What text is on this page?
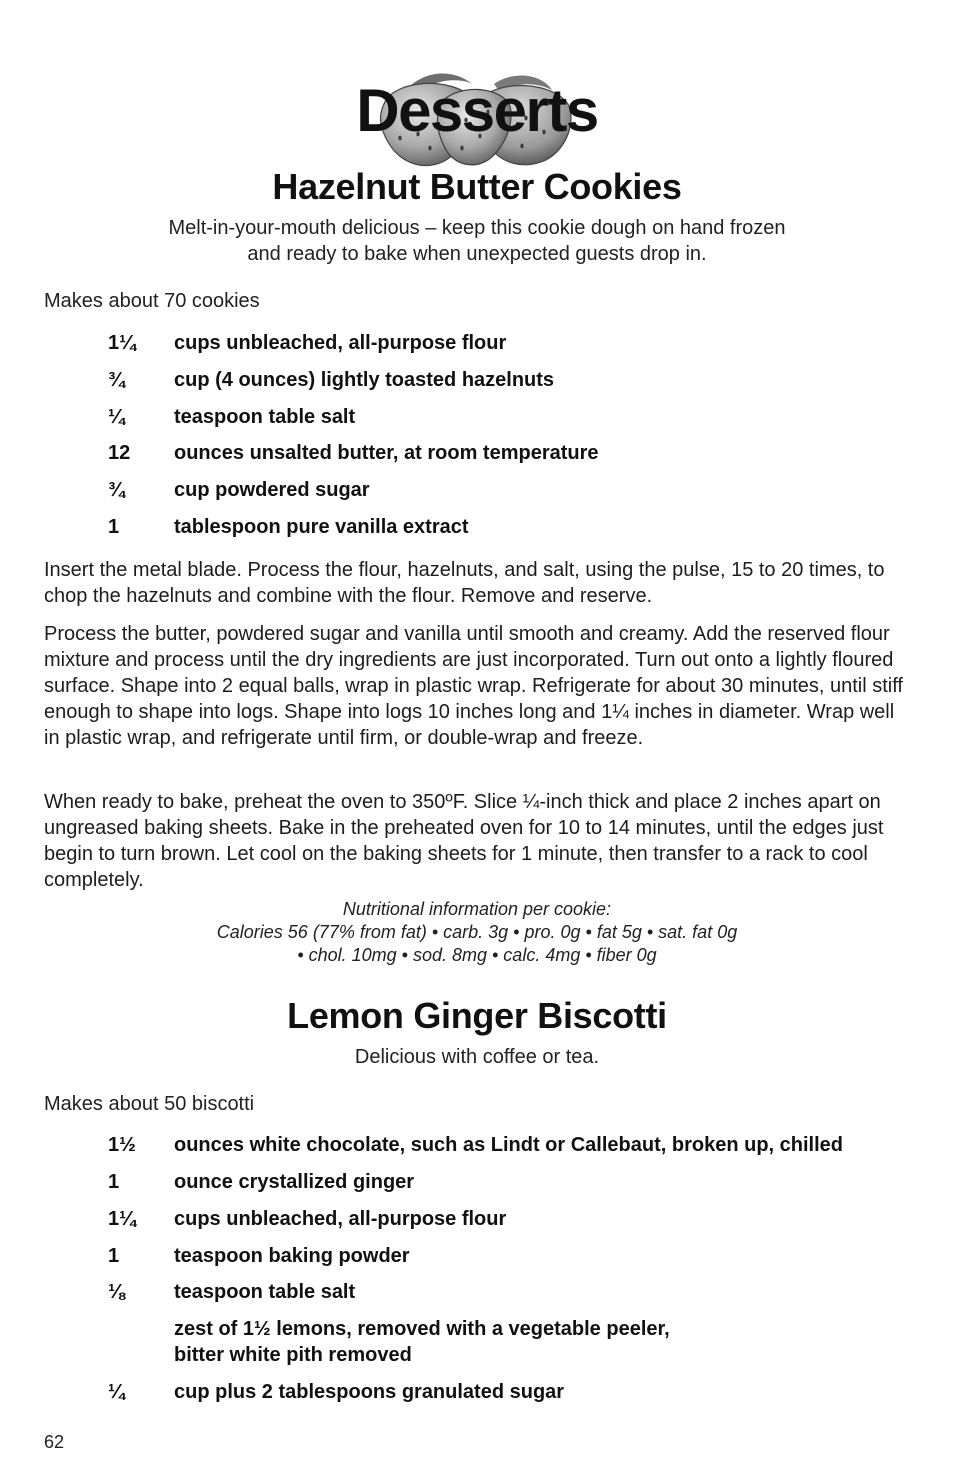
Desserts
Hazelnut Butter Cookies
Melt-in-your-mouth delicious – keep this cookie dough on hand frozen
and ready to bake when unexpected guests drop in.
Makes about 70 cookies
1¼	cups unbleached, all-purpose flour
¾	cup (4 ounces) lightly toasted hazelnuts
¼	teaspoon table salt
12	ounces unsalted butter, at room temperature
¾	cup powdered sugar
1	tablespoon pure vanilla extract

Insert the metal blade. Process the flour, hazelnuts, and salt, using the pulse, 15 to 20 times, to chop the hazelnuts and combine with the flour. Remove and reserve.

Process the butter, powdered sugar and vanilla until smooth and creamy. Add the reserved flour mixture and process until the dry ingredients are just incorporated. Turn out onto a lightly floured surface. Shape into 2 equal balls, wrap in plastic wrap. Refrigerate for about 30 minutes, until stiff enough to shape into logs. Shape into logs 10 inches long and 1¼ inches in diameter. Wrap well in plastic wrap, and refrigerate until firm, or double-wrap and freeze.

When ready to bake, preheat the oven to 350ºF. Slice ¼-inch thick and place 2 inches apart on ungreased baking sheets. Bake in the preheated oven for 10 to 14 minutes, until the edges just begin to turn brown. Let cool on the baking sheets for 1 minute, then transfer to a rack to cool completely.

Nutritional information per cookie:
Calories 56 (77% from fat) • carb. 3g • pro. 0g • fat 5g • sat. fat 0g
• chol. 10mg • sod. 8mg • calc. 4mg • fiber 0g
Lemon Ginger Biscotti
Delicious with coffee or tea.
Makes about 50 biscotti
1½	ounces white chocolate, such as Lindt or Callebaut, broken up, chilled
1	ounce crystallized ginger
1¼	cups unbleached, all-purpose flour
1	teaspoon baking powder
⅛	teaspoon table salt
zest of 1½ lemons, removed with a vegetable peeler,
bitter white pith removed
¼	cup plus 2 tablespoons granulated sugar
62
